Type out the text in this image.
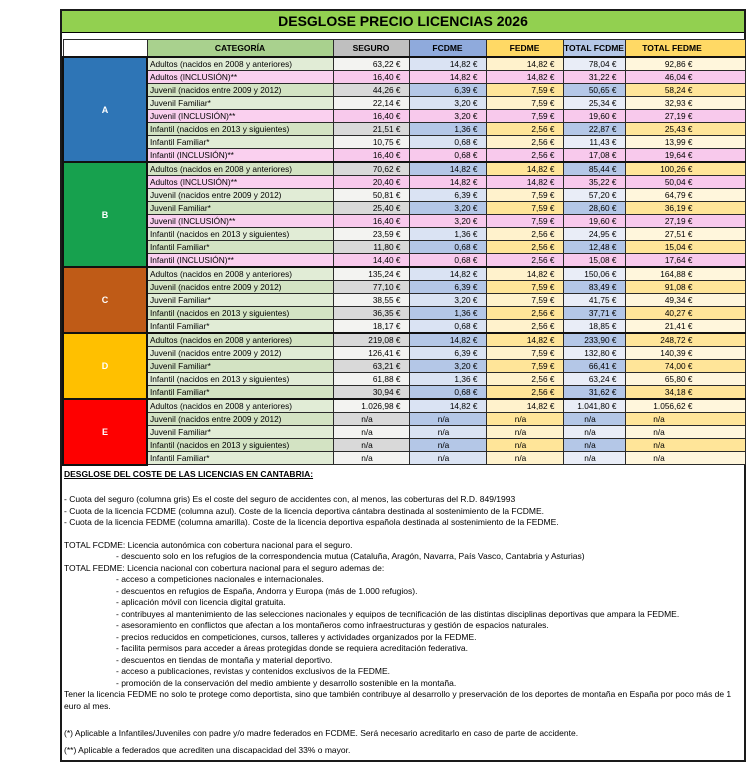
DESGLOSE PRECIO LICENCIAS 2026
	CATEGORÍA	SEGURO	FCDME	FEDME	TOTAL FCDME	TOTAL FEDME
A	Adultos (nacidos en 2008 y anteriores)	63,22 €	14,82 €	14,82 €	78,04 €	92,86 €
	Adultos (INCLUSIÓN)**	16,40 €	14,82 €	14,82 €	31,22 €	46,04 €
	Juvenil (nacidos entre 2009 y 2012)	44,26 €	6,39 €	7,59 €	50,65 €	58,24 €
	Juvenil Familiar*	22,14 €	3,20 €	7,59 €	25,34 €	32,93 €
	Juvenil (INCLUSIÓN)**	16,40 €	3,20 €	7,59 €	19,60 €	27,19 €
	Infantil (nacidos en 2013 y siguientes)	21,51 €	1,36 €	2,56 €	22,87 €	25,43 €
	Infantil Familiar*	10,75 €	0,68 €	2,56 €	11,43 €	13,99 €
	Infantil (INCLUSIÓN)**	16,40 €	0,68 €	2,56 €	17,08 €	19,64 €
B	Adultos (nacidos en 2008 y anteriores)	70,62 €	14,82 €	14,82 €	85,44 €	100,26 €
	Adultos (INCLUSIÓN)**	20,40 €	14,82 €	14,82 €	35,22 €	50,04 €
	Juvenil (nacidos entre 2009 y 2012)	50,81 €	6,39 €	7,59 €	57,20 €	64,79 €
	Juvenil Familiar*	25,40 €	3,20 €	7,59 €	28,60 €	36,19 €
	Juvenil (INCLUSIÓN)**	16,40 €	3,20 €	7,59 €	19,60 €	27,19 €
	Infantil (nacidos en 2013 y siguientes)	23,59 €	1,36 €	2,56 €	24,95 €	27,51 €
	Infantil Familiar*	11,80 €	0,68 €	2,56 €	12,48 €	15,04 €
	Infantil (INCLUSIÓN)**	14,40 €	0,68 €	2,56 €	15,08 €	17,64 €
C	Adultos (nacidos en 2008 y anteriores)	135,24 €	14,82 €	14,82 €	150,06 €	164,88 €
	Juvenil (nacidos entre 2009 y 2012)	77,10 €	6,39 €	7,59 €	83,49 €	91,08 €
	Juvenil Familiar*	38,55 €	3,20 €	7,59 €	41,75 €	49,34 €
	Infantil (nacidos en 2013 y siguientes)	36,35 €	1,36 €	2,56 €	37,71 €	40,27 €
	Infantil Familiar*	18,17 €	0,68 €	2,56 €	18,85 €	21,41 €
D	Adultos (nacidos en 2008 y anteriores)	219,08 €	14,82 €	14,82 €	233,90 €	248,72 €
	Juvenil (nacidos entre 2009 y 2012)	126,41 €	6,39 €	7,59 €	132,80 €	140,39 €
	Juvenil Familiar*	63,21 €	3,20 €	7,59 €	66,41 €	74,00 €
	Infantil (nacidos en 2013 y siguientes)	61,88 €	1,36 €	2,56 €	63,24 €	65,80 €
	Infantil Familiar*	30,94 €	0,68 €	2,56 €	31,62 €	34,18 €
E	Adultos (nacidos en 2008 y anteriores)	1.026,98 €	14,82 €	14,82 €	1.041,80 €	1.056,62 €
	Juvenil (nacidos entre 2009 y 2012)	n/a	n/a	n/a	n/a	n/a
	Juvenil Familiar*	n/a	n/a	n/a	n/a	n/a
	Infantil (nacidos en 2013 y siguientes)	n/a	n/a	n/a	n/a	n/a
	Infantil Familiar*	n/a	n/a	n/a	n/a	n/a
DESGLOSE DEL COSTE DE LAS LICENCIAS EN CANTABRIA:
- Cuota del seguro (columna gris) Es el coste del seguro de accidentes con, al menos, las coberturas del R.D. 849/1993
- Cuota de la licencia FCDME (columna azul). Coste de la licencia deportiva cántabra destinada al sostenimiento de la FCDME.
- Cuota de la licencia FEDME (columna amarilla). Coste de la licencia deportiva española destinada al sostenimiento de la FEDME.
TOTAL FCDME: Licencia autonómica con cobertura nacional para el seguro.
- descuento solo en los refugios de la correspondencia mutua (Cataluña, Aragón, Navarra, País Vasco, Cantabria y Asturias)
TOTAL FEDME: Licencia nacional con cobertura nacional para el seguro ademas de:
- acceso a competiciones nacionales e internacionales.
- descuentos en refugios de España, Andorra y Europa (más de 1.000 refugios).
- aplicación móvil con licencia digital gratuita.
- contribuyes al mantenimiento de las selecciones nacionales y equipos de tecnificación de las distintas disciplinas deportivas que ampara la FEDME.
- asesoramiento en conflictos que afectan a los montañeros como infraestructuras y gestión de espacios naturales.
- precios reducidos en competiciones, cursos, talleres y actividades organizados por la FEDME.
- facilita permisos para acceder a áreas protegidas donde se requiera acreditación federativa.
- descuentos en tiendas de montaña y material deportivo.
- acceso a publicaciones, revistas y contenidos exclusivos de la FEDME.
- promoción de la conservación del medio ambiente y desarrollo sostenible en la montaña.
Tener la licencia FEDME no solo te protege como deportista, sino que también contribuye al desarrollo y preservación de los deportes de montaña en España por poco más de 1 euro al mes.
(*) Aplicable a Infantiles/Juveniles con padre y/o madre federados en FCDME. Será necesario acreditarlo en caso de parte de accidente.
(**) Aplicable a federados que acrediten una discapacidad del 33% o mayor.
